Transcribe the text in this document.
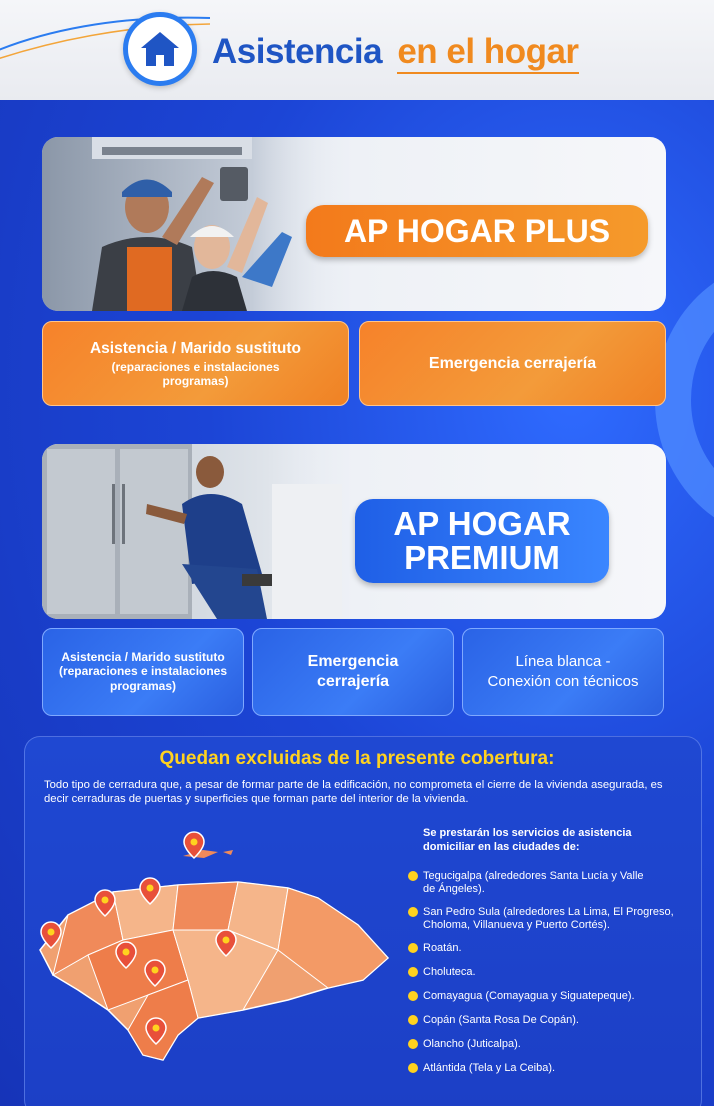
Asistencia en el hogar
AP HOGAR PLUS
Asistencia / Marido sustituto
(reparaciones e instalaciones programas)
Emergencia cerrajería
AP HOGAR
PREMIUM
Asistencia / Marido sustituto
(reparaciones e instalaciones programas)
Emergencia
cerrajería
Línea blanca -
Conexión con técnicos
Quedan excluidas de la presente cobertura:
Todo tipo de cerradura que, a pesar de formar parte de la edificación, no comprometa el cierre de la vivienda asegurada, es decir cerraduras de puertas y superficies que forman parte del interior de la vivienda.
Se prestarán los servicios de asistencia domiciliar en las ciudades de:
Tegucigalpa (alrededores Santa Lucía y Valle de Ángeles).
San Pedro Sula (alrededores La Lima, El Progreso, Choloma, Villanueva y Puerto Cortés).
Roatán.
Choluteca.
Comayagua (Comayagua y Siguatepeque).
Copán (Santa Rosa De Copán).
Olancho (Juticalpa).
Atlántida (Tela y La Ceiba).
